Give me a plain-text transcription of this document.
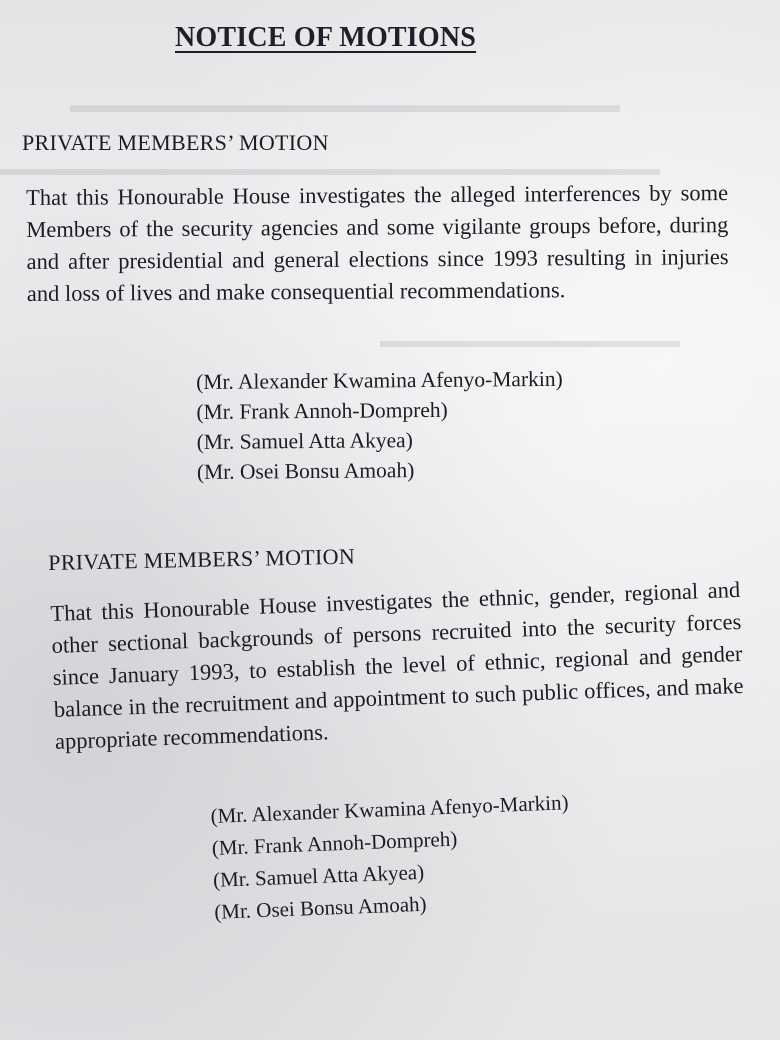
▬▬▬▬▬▬▬▬▬▬▬▬▬▬▬▬▬▬▬▬▬▬▬▬▬
▬▬▬▬▬▬▬▬▬▬▬▬▬▬▬▬▬▬▬▬▬▬▬▬▬▬▬▬▬▬▬▬▬
▬▬▬▬▬▬▬▬▬▬▬▬▬▬▬
NOTICE OF MOTIONS
PRIVATE MEMBERS’ MOTION
That this Honourable House investigates the alleged interferences by some Members of the security agencies and some vigilante groups before, during and after presidential and general elections since 1993 resulting in injuries and loss of lives and make consequential recommendations.
(Mr. Alexander Kwamina Afenyo-Markin)
(Mr. Frank Annoh-Dompreh)
(Mr. Samuel Atta Akyea)
(Mr. Osei Bonsu Amoah)
PRIVATE MEMBERS’ MOTION
That this Honourable House investigates the ethnic, gender, regional and other sectional backgrounds of persons recruited into the security forces since January 1993, to establish the level of ethnic, regional and gender balance in the recruitment and appointment to such public offices, and make appropriate recommendations.
(Mr. Alexander Kwamina Afenyo-Markin)
(Mr. Frank Annoh-Dompreh)
(Mr. Samuel Atta Akyea)
(Mr. Osei Bonsu Amoah)
